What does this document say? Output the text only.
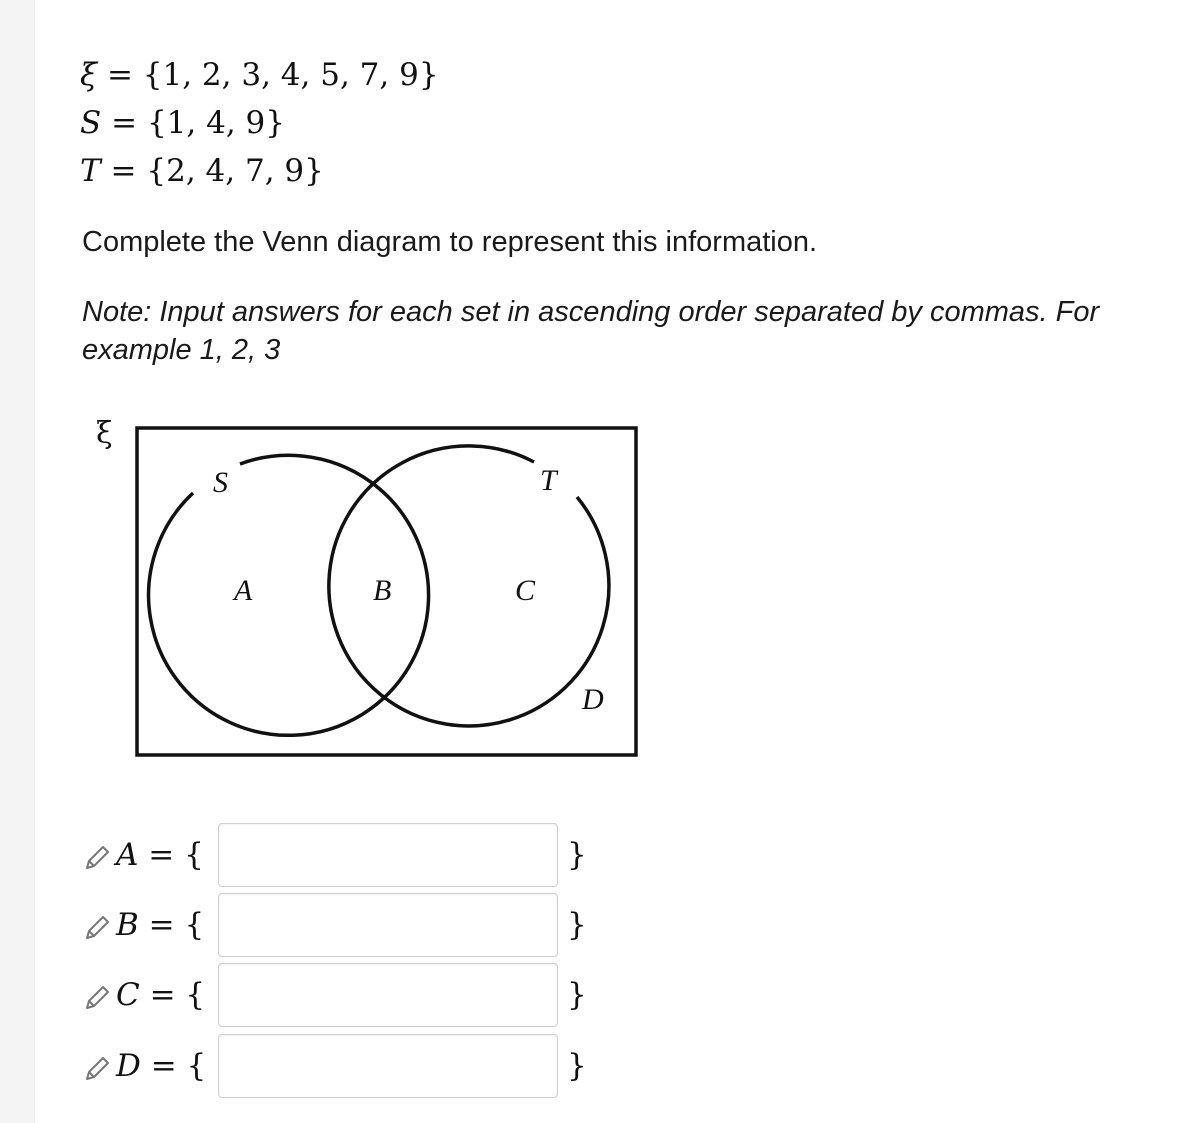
ξ = {1, 2, 3, 4, 5, 7, 9}
S = {1, 4, 9}
T = {2, 4, 7, 9}
Complete the Venn diagram to represent this information.
Note: Input answers for each set in ascending order separated by commas. For example 1, 2, 3
ξ
S	T
A	B	C
D
A = {	}
B = {	}
C = {	}
D = {	}
